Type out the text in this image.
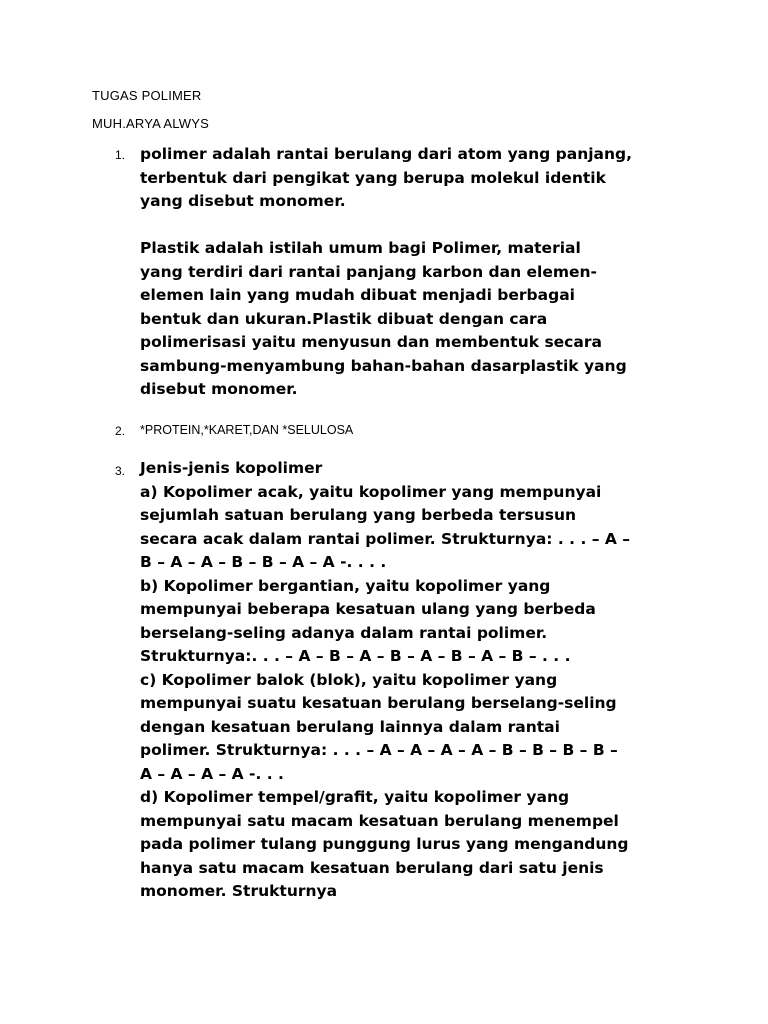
TUGAS POLIMER
MUH.ARYA ALWYS
1. polimer adalah rantai berulang dari atom yang panjang,
terbentuk dari pengikat yang berupa molekul identik
yang disebut monomer.
Plastik adalah istilah umum bagi Polimer, material
yang terdiri dari rantai panjang karbon dan elemen-
elemen lain yang mudah dibuat menjadi berbagai
bentuk dan ukuran.Plastik dibuat dengan cara
polimerisasi yaitu menyusun dan membentuk secara
sambung-menyambung bahan-bahan dasarplastik yang
disebut monomer.
2. *PROTEIN,*KARET,DAN *SELULOSA
3. Jenis-jenis kopolimer
a) Kopolimer acak, yaitu kopolimer yang mempunyai
sejumlah satuan berulang yang berbeda tersusun
secara acak dalam rantai polimer. Strukturnya: . . . – A –
B – A – A – B – B – A – A -. . . .
b) Kopolimer bergantian, yaitu kopolimer yang
mempunyai beberapa kesatuan ulang yang berbeda
berselang-seling adanya dalam rantai polimer.
Strukturnya:. . . – A – B – A – B – A – B – A – B – . . .
c) Kopolimer balok (blok), yaitu kopolimer yang
mempunyai suatu kesatuan berulang berselang-seling
dengan kesatuan berulang lainnya dalam rantai
polimer. Strukturnya: . . . – A – A – A – A – B – B – B – B –
A – A – A – A -. . .
d) Kopolimer tempel/grafit, yaitu kopolimer yang
mempunyai satu macam kesatuan berulang menempel
pada polimer tulang punggung lurus yang mengandung
hanya satu macam kesatuan berulang dari satu jenis
monomer. Strukturnya
